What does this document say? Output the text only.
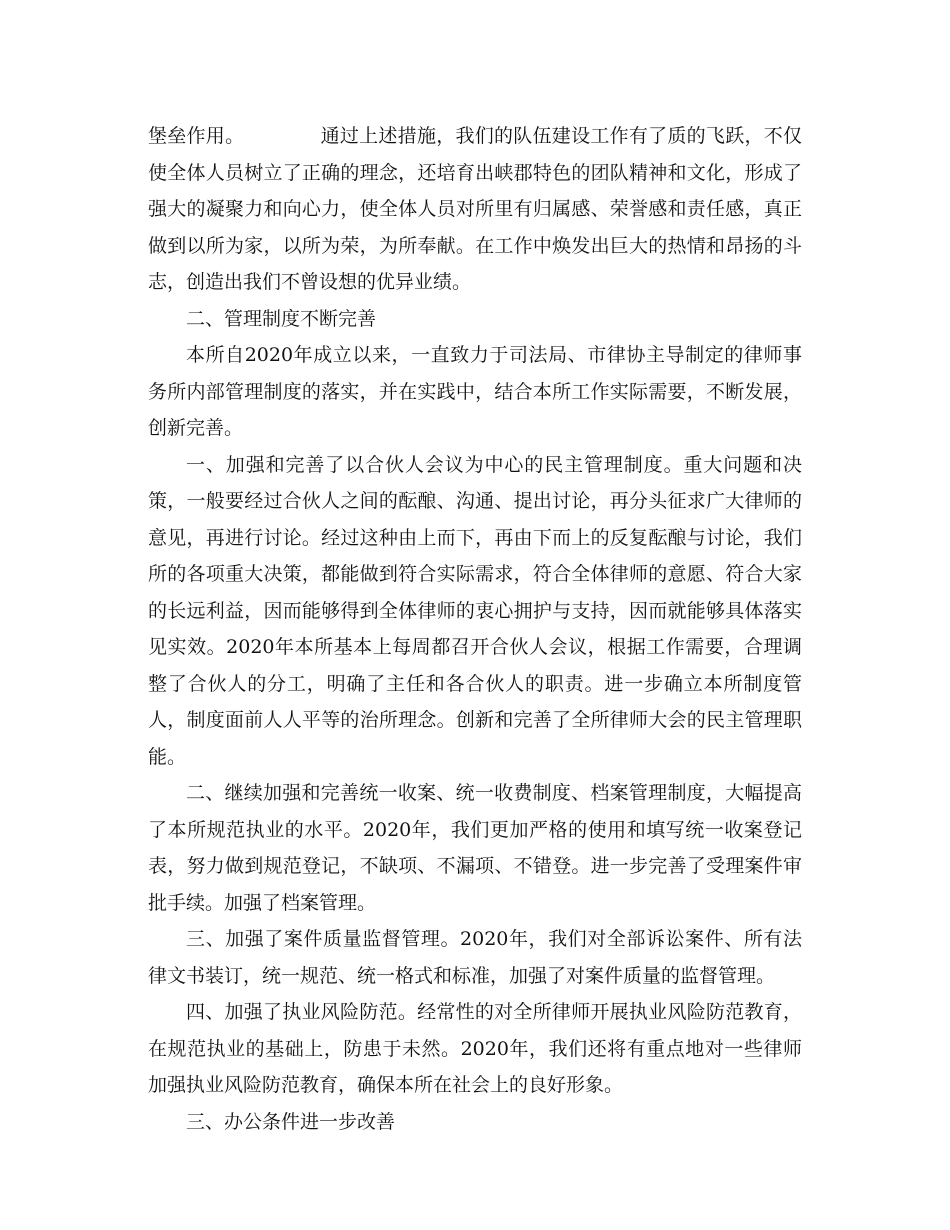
堡垒作用。	通过上述措施，我们的队伍建设工作有了质的飞跃，不仅使全体人员树立了正确的理念，还培育出峡郡特色的团队精神和文化，形成了强大的凝聚力和向心力，使全体人员对所里有归属感、荣誉感和责任感，真正做到以所为家，以所为荣，为所奉献。在工作中焕发出巨大的热情和昂扬的斗志，创造出我们不曾设想的优异业绩。

二、管理制度不断完善

本所自2020年成立以来，一直致力于司法局、市律协主导制定的律师事务所内部管理制度的落实，并在实践中，结合本所工作实际需要，不断发展，创新完善。

一、加强和完善了以合伙人会议为中心的民主管理制度。重大问题和决策，一般要经过合伙人之间的酝酿、沟通、提出讨论，再分头征求广大律师的意见，再进行讨论。经过这种由上而下，再由下而上的反复酝酿与讨论，我们所的各项重大决策，都能做到符合实际需求，符合全体律师的意愿、符合大家的长远利益，因而能够得到全体律师的衷心拥护与支持，因而就能够具体落实见实效。2020年本所基本上每周都召开合伙人会议，根据工作需要，合理调整了合伙人的分工，明确了主任和各合伙人的职责。进一步确立本所制度管人，制度面前人人平等的治所理念。创新和完善了全所律师大会的民主管理职能。

二、继续加强和完善统一收案、统一收费制度、档案管理制度，大幅提高了本所规范执业的水平。2020年，我们更加严格的使用和填写统一收案登记表，努力做到规范登记，不缺项、不漏项、不错登。进一步完善了受理案件审批手续。加强了档案管理。

三、加强了案件质量监督管理。2020年，我们对全部诉讼案件、所有法律文书装订，统一规范、统一格式和标准，加强了对案件质量的监督管理。

四、加强了执业风险防范。经常性的对全所律师开展执业风险防范教育，在规范执业的基础上，防患于未然。2020年，我们还将有重点地对一些律师加强执业风险防范教育，确保本所在社会上的良好形象。

三、办公条件进一步改善
